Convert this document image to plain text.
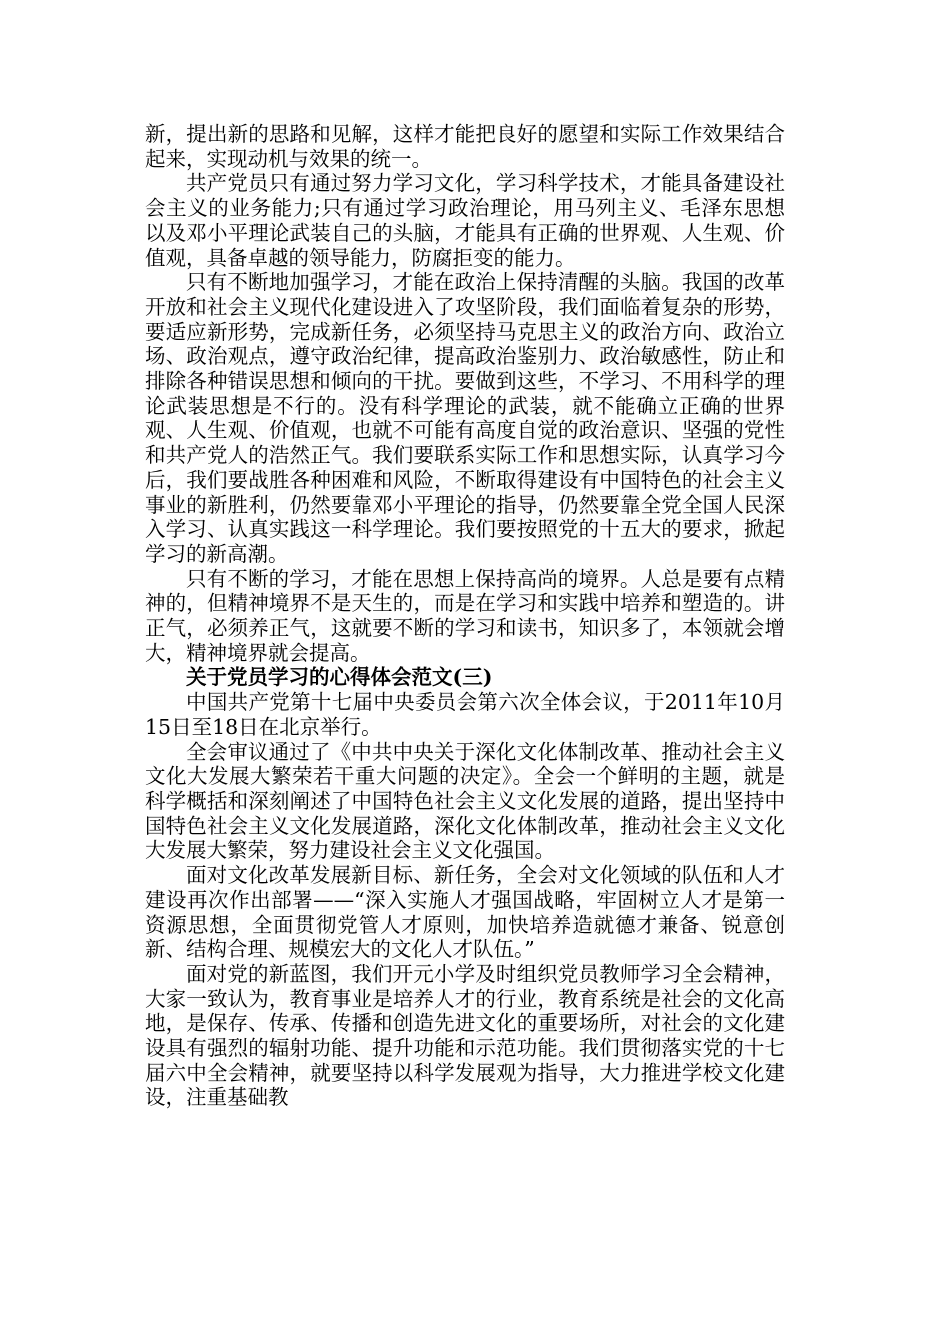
新，提出新的思路和见解，这样才能把良好的愿望和实际工作效果结合起来，实现动机与效果的统一。

共产党员只有通过努力学习文化，学习科学技术，才能具备建设社会主义的业务能力;只有通过学习政治理论，用马列主义、毛泽东思想以及邓小平理论武装自己的头脑，才能具有正确的世界观、人生观、价值观，具备卓越的领导能力，防腐拒变的能力。

只有不断地加强学习，才能在政治上保持清醒的头脑。我国的改革开放和社会主义现代化建设进入了攻坚阶段，我们面临着复杂的形势，要适应新形势，完成新任务，必须坚持马克思主义的政治方向、政治立场、政治观点，遵守政治纪律，提高政治鉴别力、政治敏感性，防止和排除各种错误思想和倾向的干扰。要做到这些，不学习、不用科学的理论武装思想是不行的。没有科学理论的武装，就不能确立正确的世界观、人生观、价值观，也就不可能有高度自觉的政治意识、坚强的党性和共产党人的浩然正气。我们要联系实际工作和思想实际，认真学习今后，我们要战胜各种困难和风险，不断取得建设有中国特色的社会主义事业的新胜利，仍然要靠邓小平理论的指导，仍然要靠全党全国人民深入学习、认真实践这一科学理论。我们要按照党的十五大的要求，掀起学习的新高潮。

只有不断的学习，才能在思想上保持高尚的境界。人总是要有点精神的，但精神境界不是天生的，而是在学习和实践中培养和塑造的。讲正气，必须养正气，这就要不断的学习和读书，知识多了，本领就会增大，精神境界就会提高。

关于党员学习的心得体会范文(三)

中国共产党第十七届中央委员会第六次全体会议，于2011年10月15日至18日在北京举行。

全会审议通过了《中共中央关于深化文化体制改革、推动社会主义文化大发展大繁荣若干重大问题的决定》。全会一个鲜明的主题，就是科学概括和深刻阐述了中国特色社会主义文化发展的道路，提出坚持中国特色社会主义文化发展道路，深化文化体制改革，推动社会主义文化大发展大繁荣，努力建设社会主义文化强国。

面对文化改革发展新目标、新任务，全会对文化领域的队伍和人才建设再次作出部署——“深入实施人才强国战略，牢固树立人才是第一资源思想，全面贯彻党管人才原则，加快培养造就德才兼备、锐意创新、结构合理、规模宏大的文化人才队伍。”

面对党的新蓝图，我们开元小学及时组织党员教师学习全会精神，大家一致认为，教育事业是培养人才的行业，教育系统是社会的文化高地，是保存、传承、传播和创造先进文化的重要场所，对社会的文化建设具有强烈的辐射功能、提升功能和示范功能。我们贯彻落实党的十七届六中全会精神，就要坚持以科学发展观为指导，大力推进学校文化建设，注重基础教
